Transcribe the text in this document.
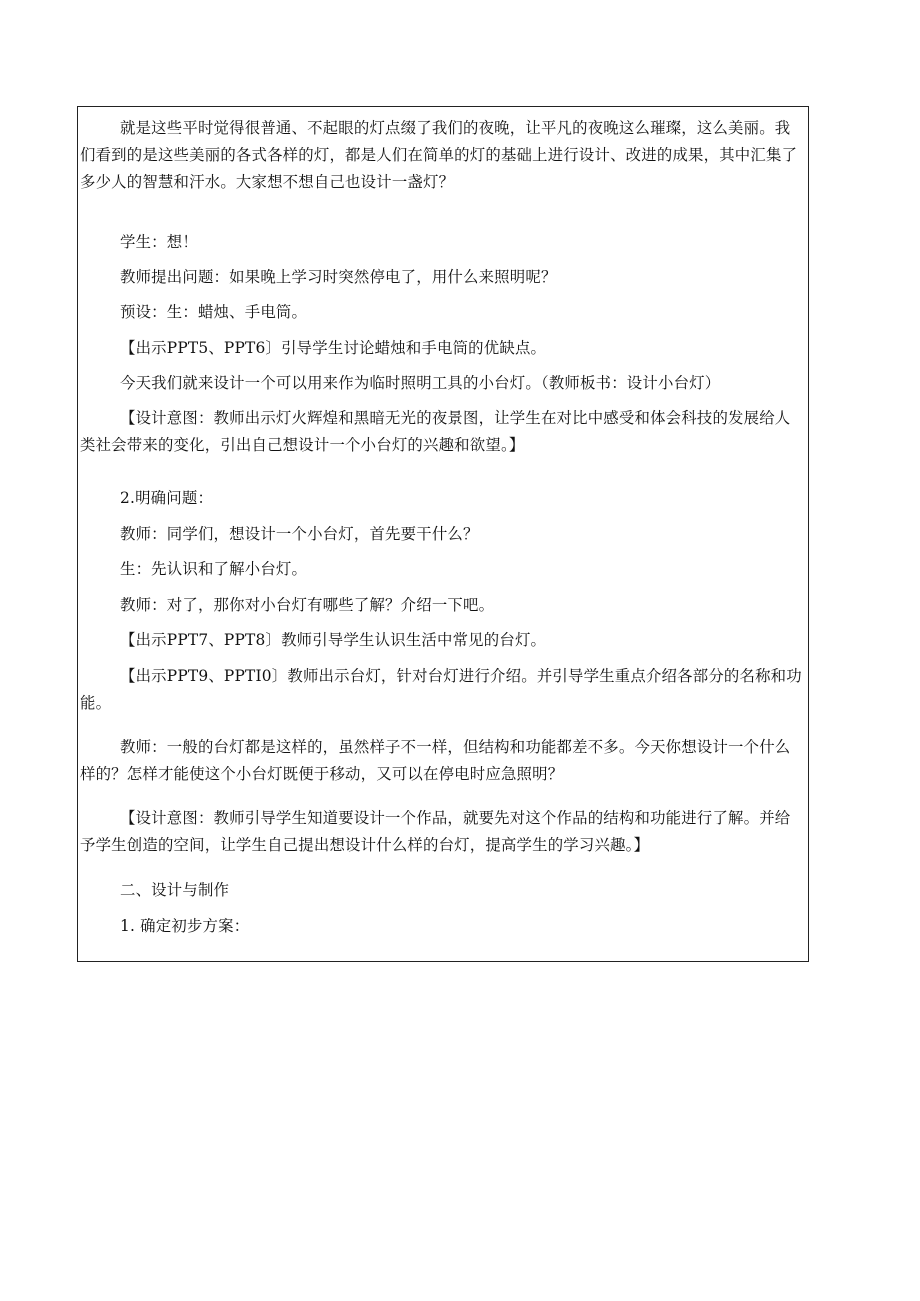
就是这些平时觉得很普通、不起眼的灯点缀了我们的夜晚，让平凡的夜晚这么璀璨，这么美丽。我们看到的是这些美丽的各式各样的灯，都是人们在简单的灯的基础上进行设计、改进的成果，其中汇集了多少人的智慧和汗水。大家想不想自己也设计一盏灯？
学生：想！
教师提出问题：如果晚上学习时突然停电了，用什么来照明呢？
预设：生：蜡烛、手电筒。
【出示PPT5、PPT6〕引导学生讨论蜡烛和手电筒的优缺点。
今天我们就来设计一个可以用来作为临时照明工具的小台灯。（教师板书：设计小台灯）
【设计意图：教师出示灯火辉煌和黑暗无光的夜景图，让学生在对比中感受和体会科技的发展给人类社会带来的变化，引出自己想设计一个小台灯的兴趣和欲望。】
2.明确问题：
教师：同学们，想设计一个小台灯，首先要干什么？
生：先认识和了解小台灯。
教师：对了，那你对小台灯有哪些了解？介绍一下吧。
【出示PPT7、PPT8〕教师引导学生认识生活中常见的台灯。
【出示PPT9、PPTI0〕教师出示台灯，针对台灯进行介绍。并引导学生重点介绍各部分的名称和功能。
教师：一般的台灯都是这样的，虽然样子不一样，但结构和功能都差不多。今天你想设计一个什么样的？怎样才能使这个小台灯既便于移动，又可以在停电时应急照明？
【设计意图：教师引导学生知道要设计一个作品，就要先对这个作品的结构和功能进行了解。并给予学生创造的空间，让学生自己提出想设计什么样的台灯，提高学生的学习兴趣。】
二、设计与制作
1. 确定初步方案：
